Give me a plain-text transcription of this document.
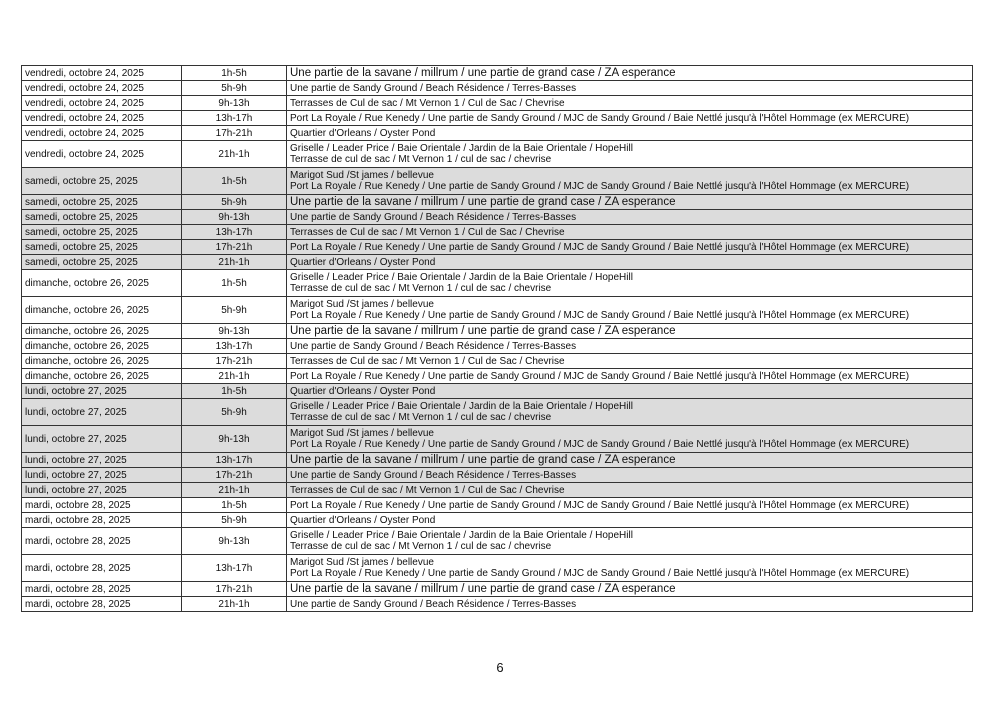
vendredi, octobre 24, 2025	1h-5h	Une partie de la savane / millrum / une partie de grand case / ZA esperance

vendredi, octobre 24, 2025	5h-9h	Une partie de Sandy Ground / Beach Résidence / Terres-Basses

vendredi, octobre 24, 2025	9h-13h	Terrasses de Cul de sac / Mt Vernon 1 / Cul de Sac / Chevrise

vendredi, octobre 24, 2025	13h-17h	Port La Royale / Rue Kenedy / Une partie de Sandy Ground / MJC de Sandy Ground / Baie Nettlé jusqu'à l'Hôtel Hommage (ex MERCURE)

vendredi, octobre 24, 2025	17h-21h	Quartier d'Orleans / Oyster Pond

vendredi, octobre 24, 2025	21h-1h	Griselle / Leader Price / Baie Orientale / Jardin de la Baie Orientale / HopeHill
Terrasse de cul de sac / Mt Vernon 1 / cul de sac / chevrise

samedi, octobre 25, 2025	1h-5h	Marigot Sud /St james / bellevue
Port La Royale / Rue Kenedy / Une partie de Sandy Ground / MJC de Sandy Ground / Baie Nettlé jusqu'à l'Hôtel Hommage (ex MERCURE)

samedi, octobre 25, 2025	5h-9h	Une partie de la savane / millrum / une partie de grand case / ZA esperance

samedi, octobre 25, 2025	9h-13h	Une partie de Sandy Ground / Beach Résidence / Terres-Basses

samedi, octobre 25, 2025	13h-17h	Terrasses de Cul de sac / Mt Vernon 1 / Cul de Sac / Chevrise

samedi, octobre 25, 2025	17h-21h	Port La Royale / Rue Kenedy / Une partie de Sandy Ground / MJC de Sandy Ground / Baie Nettlé jusqu'à l'Hôtel Hommage (ex MERCURE)

samedi, octobre 25, 2025	21h-1h	Quartier d'Orleans / Oyster Pond

dimanche, octobre 26, 2025	1h-5h	Griselle / Leader Price / Baie Orientale / Jardin de la Baie Orientale / HopeHill
Terrasse de cul de sac / Mt Vernon 1 / cul de sac / chevrise

dimanche, octobre 26, 2025	5h-9h	Marigot Sud /St james / bellevue
Port La Royale / Rue Kenedy / Une partie de Sandy Ground / MJC de Sandy Ground / Baie Nettlé jusqu'à l'Hôtel Hommage (ex MERCURE)

dimanche, octobre 26, 2025	9h-13h	Une partie de la savane / millrum / une partie de grand case / ZA esperance

dimanche, octobre 26, 2025	13h-17h	Une partie de Sandy Ground / Beach Résidence / Terres-Basses

dimanche, octobre 26, 2025	17h-21h	Terrasses de Cul de sac / Mt Vernon 1 / Cul de Sac / Chevrise

dimanche, octobre 26, 2025	21h-1h	Port La Royale / Rue Kenedy / Une partie de Sandy Ground / MJC de Sandy Ground / Baie Nettlé jusqu'à l'Hôtel Hommage (ex MERCURE)

lundi, octobre 27, 2025	1h-5h	Quartier d'Orleans / Oyster Pond

lundi, octobre 27, 2025	5h-9h	Griselle / Leader Price / Baie Orientale / Jardin de la Baie Orientale / HopeHill
Terrasse de cul de sac / Mt Vernon 1 / cul de sac / chevrise

lundi, octobre 27, 2025	9h-13h	Marigot Sud /St james / bellevue
Port La Royale / Rue Kenedy / Une partie de Sandy Ground / MJC de Sandy Ground / Baie Nettlé jusqu'à l'Hôtel Hommage (ex MERCURE)

lundi, octobre 27, 2025	13h-17h	Une partie de la savane / millrum / une partie de grand case / ZA esperance

lundi, octobre 27, 2025	17h-21h	Une partie de Sandy Ground / Beach Résidence / Terres-Basses

lundi, octobre 27, 2025	21h-1h	Terrasses de Cul de sac / Mt Vernon 1 / Cul de Sac / Chevrise

mardi, octobre 28, 2025	1h-5h	Port La Royale / Rue Kenedy / Une partie de Sandy Ground / MJC de Sandy Ground / Baie Nettlé jusqu'à l'Hôtel Hommage (ex MERCURE)

mardi, octobre 28, 2025	5h-9h	Quartier d'Orleans / Oyster Pond

mardi, octobre 28, 2025	9h-13h	Griselle / Leader Price / Baie Orientale / Jardin de la Baie Orientale / HopeHill
Terrasse de cul de sac / Mt Vernon 1 / cul de sac / chevrise

mardi, octobre 28, 2025	13h-17h	Marigot Sud /St james / bellevue
Port La Royale / Rue Kenedy / Une partie de Sandy Ground / MJC de Sandy Ground / Baie Nettlé jusqu'à l'Hôtel Hommage (ex MERCURE)

mardi, octobre 28, 2025	17h-21h	Une partie de la savane / millrum / une partie de grand case / ZA esperance

mardi, octobre 28, 2025	21h-1h	Une partie de Sandy Ground / Beach Résidence / Terres-Basses
6
